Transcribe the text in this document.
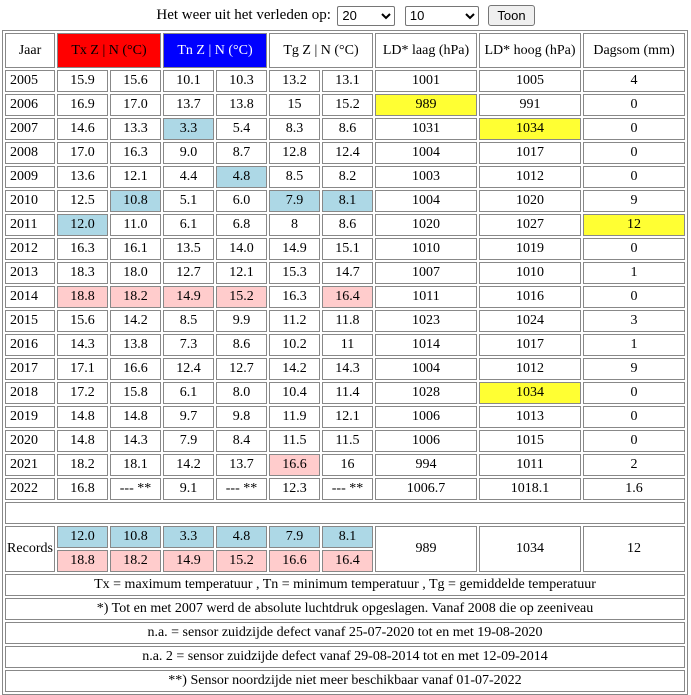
Het weer uit het verleden op:
20
10	Toon
Jaar	Tx Z | N (°C)		Tn Z | N (°C)		Tg Z | N (°C)		LD* laag (hPa)	LD* hoog (hPa)	Dagsom (mm)
2005	15.9	15.6	10.1	10.3	13.2	13.1	1001	1005	4
2006	16.9	17.0	13.7	13.8	15	15.2	989	991	0
2007	14.6	13.3	3.3	5.4	8.3	8.6	1031	1034	0
2008	17.0	16.3	9.0	8.7	12.8	12.4	1004	1017	0
2009	13.6	12.1	4.4	4.8	8.5	8.2	1003	1012	0
2010	12.5	10.8	5.1	6.0	7.9	8.1	1004	1020	9
2011	12.0	11.0	6.1	6.8	8	8.6	1020	1027	12
2012	16.3	16.1	13.5	14.0	14.9	15.1	1010	1019	0
2013	18.3	18.0	12.7	12.1	15.3	14.7	1007	1010	1
2014	18.8	18.2	14.9	15.2	16.3	16.4	1011	1016	0
2015	15.6	14.2	8.5	9.9	11.2	11.8	1023	1024	3
2016	14.3	13.8	7.3	8.6	10.2	11	1014	1017	1
2017	17.1	16.6	12.4	12.7	14.2	14.3	1004	1012	9
2018	17.2	15.8	6.1	8.0	10.4	11.4	1028	1034	0
2019	14.8	14.8	9.7	9.8	11.9	12.1	1006	1013	0
2020	14.8	14.3	7.9	8.4	11.5	11.5	1006	1015	0
2021	18.2	18.1	14.2	13.7	16.6	16	994	1011	2
2022	16.8	--- **	9.1	--- **	12.3	--- **	1006.7	1018.1	1.6

Records	12.0	10.8	3.3	4.8	7.9	8.1	989	1034	12
	18.8	18.2	14.9	15.2	16.6	16.4			
Tx = maximum temperatuur , Tn = minimum temperatuur , Tg = gemiddelde temperatuur									
*) Tot en met 2007 werd de absolute luchtdruk opgeslagen. Vanaf 2008 die op zeeniveau									
n.a. = sensor zuidzijde defect vanaf 25-07-2020 tot en met 19-08-2020									
n.a. 2 = sensor zuidzijde defect vanaf 29-08-2014 tot en met 12-09-2014									
**) Sensor noordzijde niet meer beschikbaar vanaf 01-07-2022									
